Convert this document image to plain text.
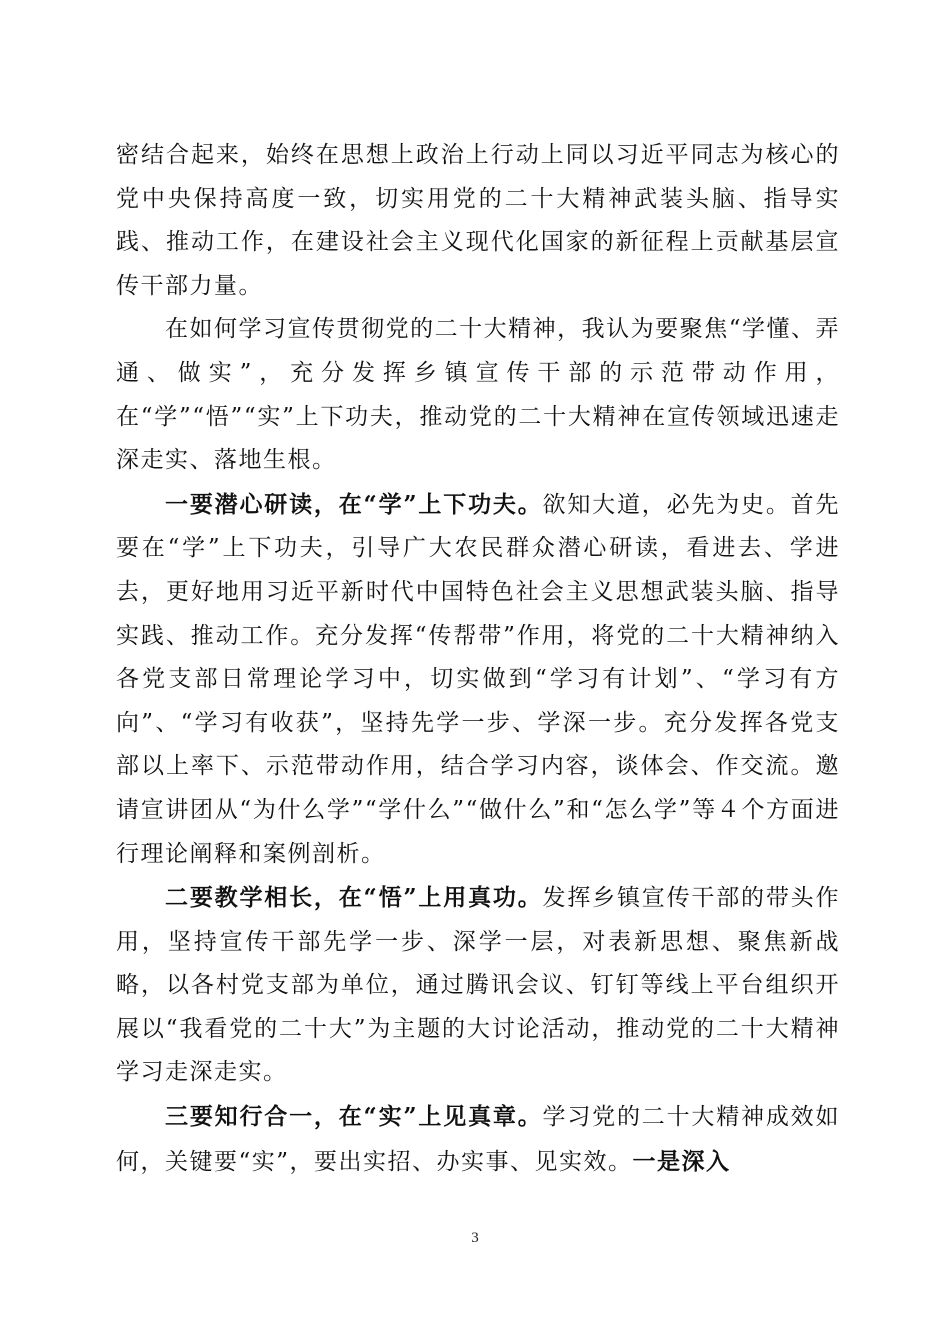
密结合起来，始终在思想上政治上行动上同以习近平同志为核心的党中央保持高度一致，切实用党的二十大精神武装头脑、指导实践、推动工作，在建设社会主义现代化国家的新征程上贡献基层宣传干部力量。

在如何学习宣传贯彻党的二十大精神，我认为要聚焦“学懂、弄通、做实”，充分发挥乡镇宣传干部的示范带动作用，在“学”“悟”“实”上下功夫，推动党的二十大精神在宣传领域迅速走深走实、落地生根。

一要潜心研读，在“学”上下功夫。欲知大道，必先为史。首先要在“学”上下功夫，引导广大农民群众潜心研读，看进去、学进去，更好地用习近平新时代中国特色社会主义思想武装头脑、指导实践、推动工作。充分发挥“传帮带”作用，将党的二十大精神纳入各党支部日常理论学习中，切实做到“学习有计划”、“学习有方向”、“学习有收获”，坚持先学一步、学深一步。充分发挥各党支部以上率下、示范带动作用，结合学习内容，谈体会、作交流。邀请宣讲团从“为什么学”“学什么”“做什么”和“怎么学”等４个方面进行理论阐释和案例剖析。

二要教学相长，在“悟”上用真功。发挥乡镇宣传干部的带头作用，坚持宣传干部先学一步、深学一层，对表新思想、聚焦新战略，以各村党支部为单位，通过腾讯会议、钉钉等线上平台组织开展以“我看党的二十大”为主题的大讨论活动，推动党的二十大精神学习走深走实。

三要知行合一，在“实”上见真章。学习党的二十大精神成效如何，关键要“实”，要出实招、办实事、见实效。一是深入

3
